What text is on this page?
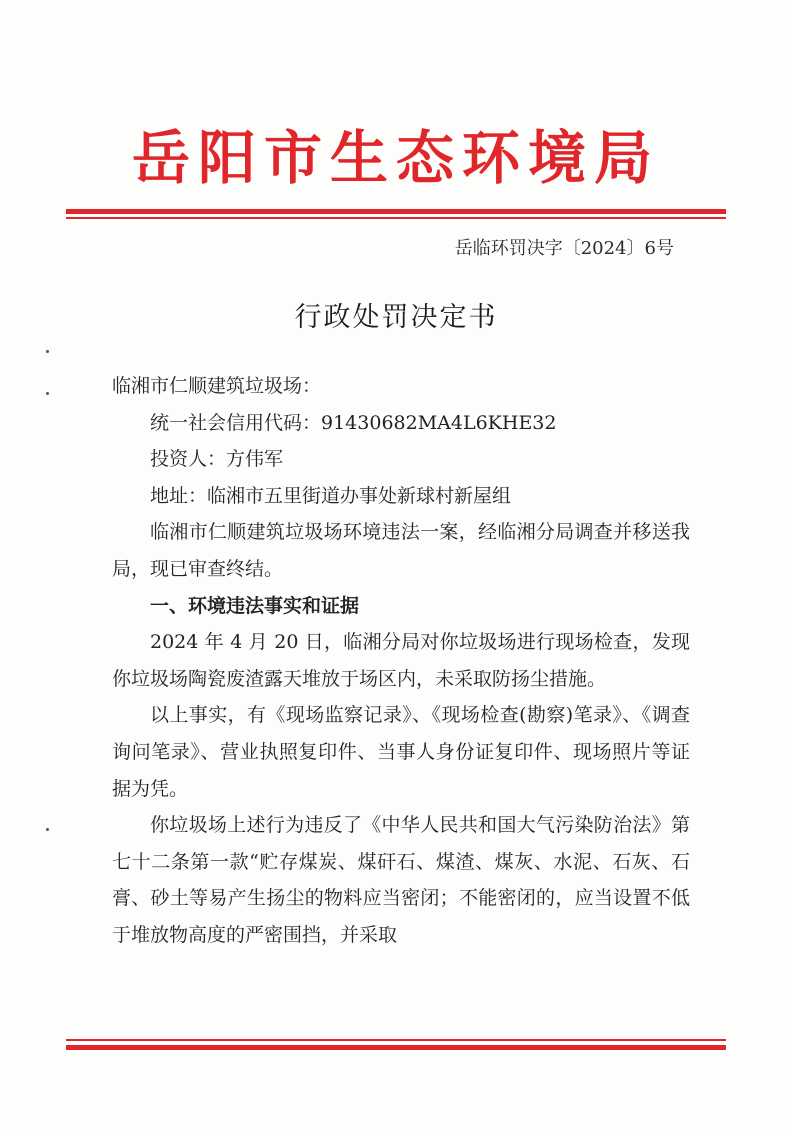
岳阳市生态环境局
岳临环罚决字〔2024〕6号
行政处罚决定书

临湘市仁顺建筑垃圾场：

统一社会信用代码：91430682MA4L6KHE32

投资人：方伟军

地址：临湘市五里街道办事处新球村新屋组

临湘市仁顺建筑垃圾场环境违法一案，经临湘分局调查并移送我局，现已审查终结。

一、环境违法事实和证据

2024 年 4 月 20 日，临湘分局对你垃圾场进行现场检查，发现你垃圾场陶瓷废渣露天堆放于场区内，未采取防扬尘措施。

以上事实，有《现场监察记录》、《现场检查(勘察)笔录》、《调查询问笔录》、营业执照复印件、当事人身份证复印件、现场照片等证据为凭。

你垃圾场上述行为违反了《中华人民共和国大气污染防治法》第七十二条第一款“贮存煤炭、煤矸石、煤渣、煤灰、水泥、石灰、石膏、砂土等易产生扬尘的物料应当密闭；不能密闭的，应当设置不低于堆放物高度的严密围挡，并采取
